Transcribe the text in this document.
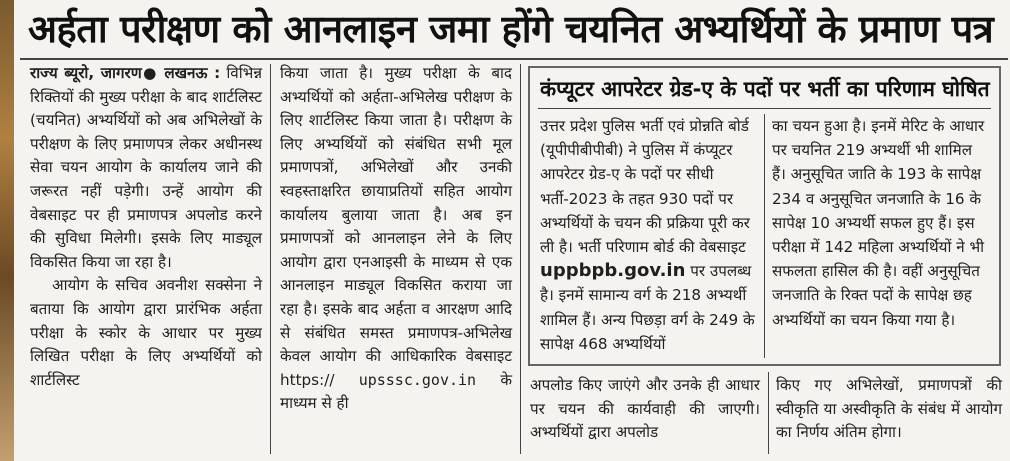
अर्हता परीक्षण को आनलाइन जमा होंगे चयनित अभ्यर्थियों के प्रमाण पत्र

राज्य ब्यूरो, जागरण● लखनऊ : विभिन्न रिक्तियों की मुख्य परीक्षा के बाद शार्टलिस्ट (चयनित) अभ्यर्थियों को अब अभिलेखों के परीक्षण के लिए प्रमाणपत्र लेकर अधीनस्थ सेवा चयन आयोग के कार्यालय जाने की जरूरत नहीं पड़ेगी। उन्हें आयोग की वेबसाइट पर ही प्रमाणपत्र अपलोड करने की सुविधा मिलेगी। इसके लिए माड्यूल विकसित किया जा रहा है।

आयोग के सचिव अवनीश सक्सेना ने बताया कि आयोग द्वारा प्रारंभिक अर्हता परीक्षा के स्कोर के आधार पर मुख्य लिखित परीक्षा के लिए अभ्यर्थियों को शार्टलिस्ट

किया जाता है। मुख्य परीक्षा के बाद अभ्यर्थियों को अर्हता-अभिलेख परीक्षण के लिए शार्टलिस्ट किया जाता है। परीक्षण के लिए अभ्यर्थियों को संबंधित सभी मूल प्रमाणपत्रों, अभिलेखों और उनकी स्वहस्ताक्षरित छायाप्रतियों सहित आयोग कार्यालय बुलाया जाता है। अब इन प्रमाणपत्रों को आनलाइन लेने के लिए आयोग द्वारा एनआइसी के माध्यम से एक आनलाइन माड्यूल विकसित कराया जा रहा है। इसके बाद अर्हता व आरक्षण आदि से संबंधित समस्त प्रमाणपत्र-अभिलेख केवल आयोग की आधिकारिक वेबसाइट https:// upsssc.gov.in के माध्यम से ही

कंप्यूटर आपरेटर ग्रेड-ए के पदों पर भर्ती का परिणाम घोषित
उत्तर प्रदेश पुलिस भर्ती एवं प्रोन्नति बोर्ड (यूपीपीबीपीबी) ने पुलिस में कंप्यूटर आपरेटर ग्रेड-ए के पदों पर सीधी भर्ती-2023 के तहत 930 पदों पर अभ्यर्थियों के चयन की प्रक्रिया पूरी कर ली है। भर्ती परिणाम बोर्ड की वेबसाइट uppbpb.gov.in पर उपलब्ध है। इनमें सामान्य वर्ग के 218 अभ्यर्थी शामिल हैं। अन्य पिछड़ा वर्ग के 249 के सापेक्ष 468 अभ्यर्थियों
का चयन हुआ है। इनमें मेरिट के आधार पर चयनित 219 अभ्यर्थी भी शामिल हैं। अनुसूचित जाति के 193 के सापेक्ष 234 व अनुसूचित जनजाति के 16 के सापेक्ष 10 अभ्यर्थी सफल हुए हैं। इस परीक्षा में 142 महिला अभ्यर्थियों ने भी सफलता हासिल की है। वहीं अनुसूचित जनजाति के रिक्त पदों के सापेक्ष छह अभ्यर्थियों का चयन किया गया है।

अपलोड किए जाएंगे और उनके ही आधार पर चयन की कार्यवाही की जाएगी। अभ्यर्थियों द्वारा अपलोड

किए गए अभिलेखों, प्रमाणपत्रों की स्वीकृति या अस्वीकृति के संबंध में आयोग का निर्णय अंतिम होगा।
